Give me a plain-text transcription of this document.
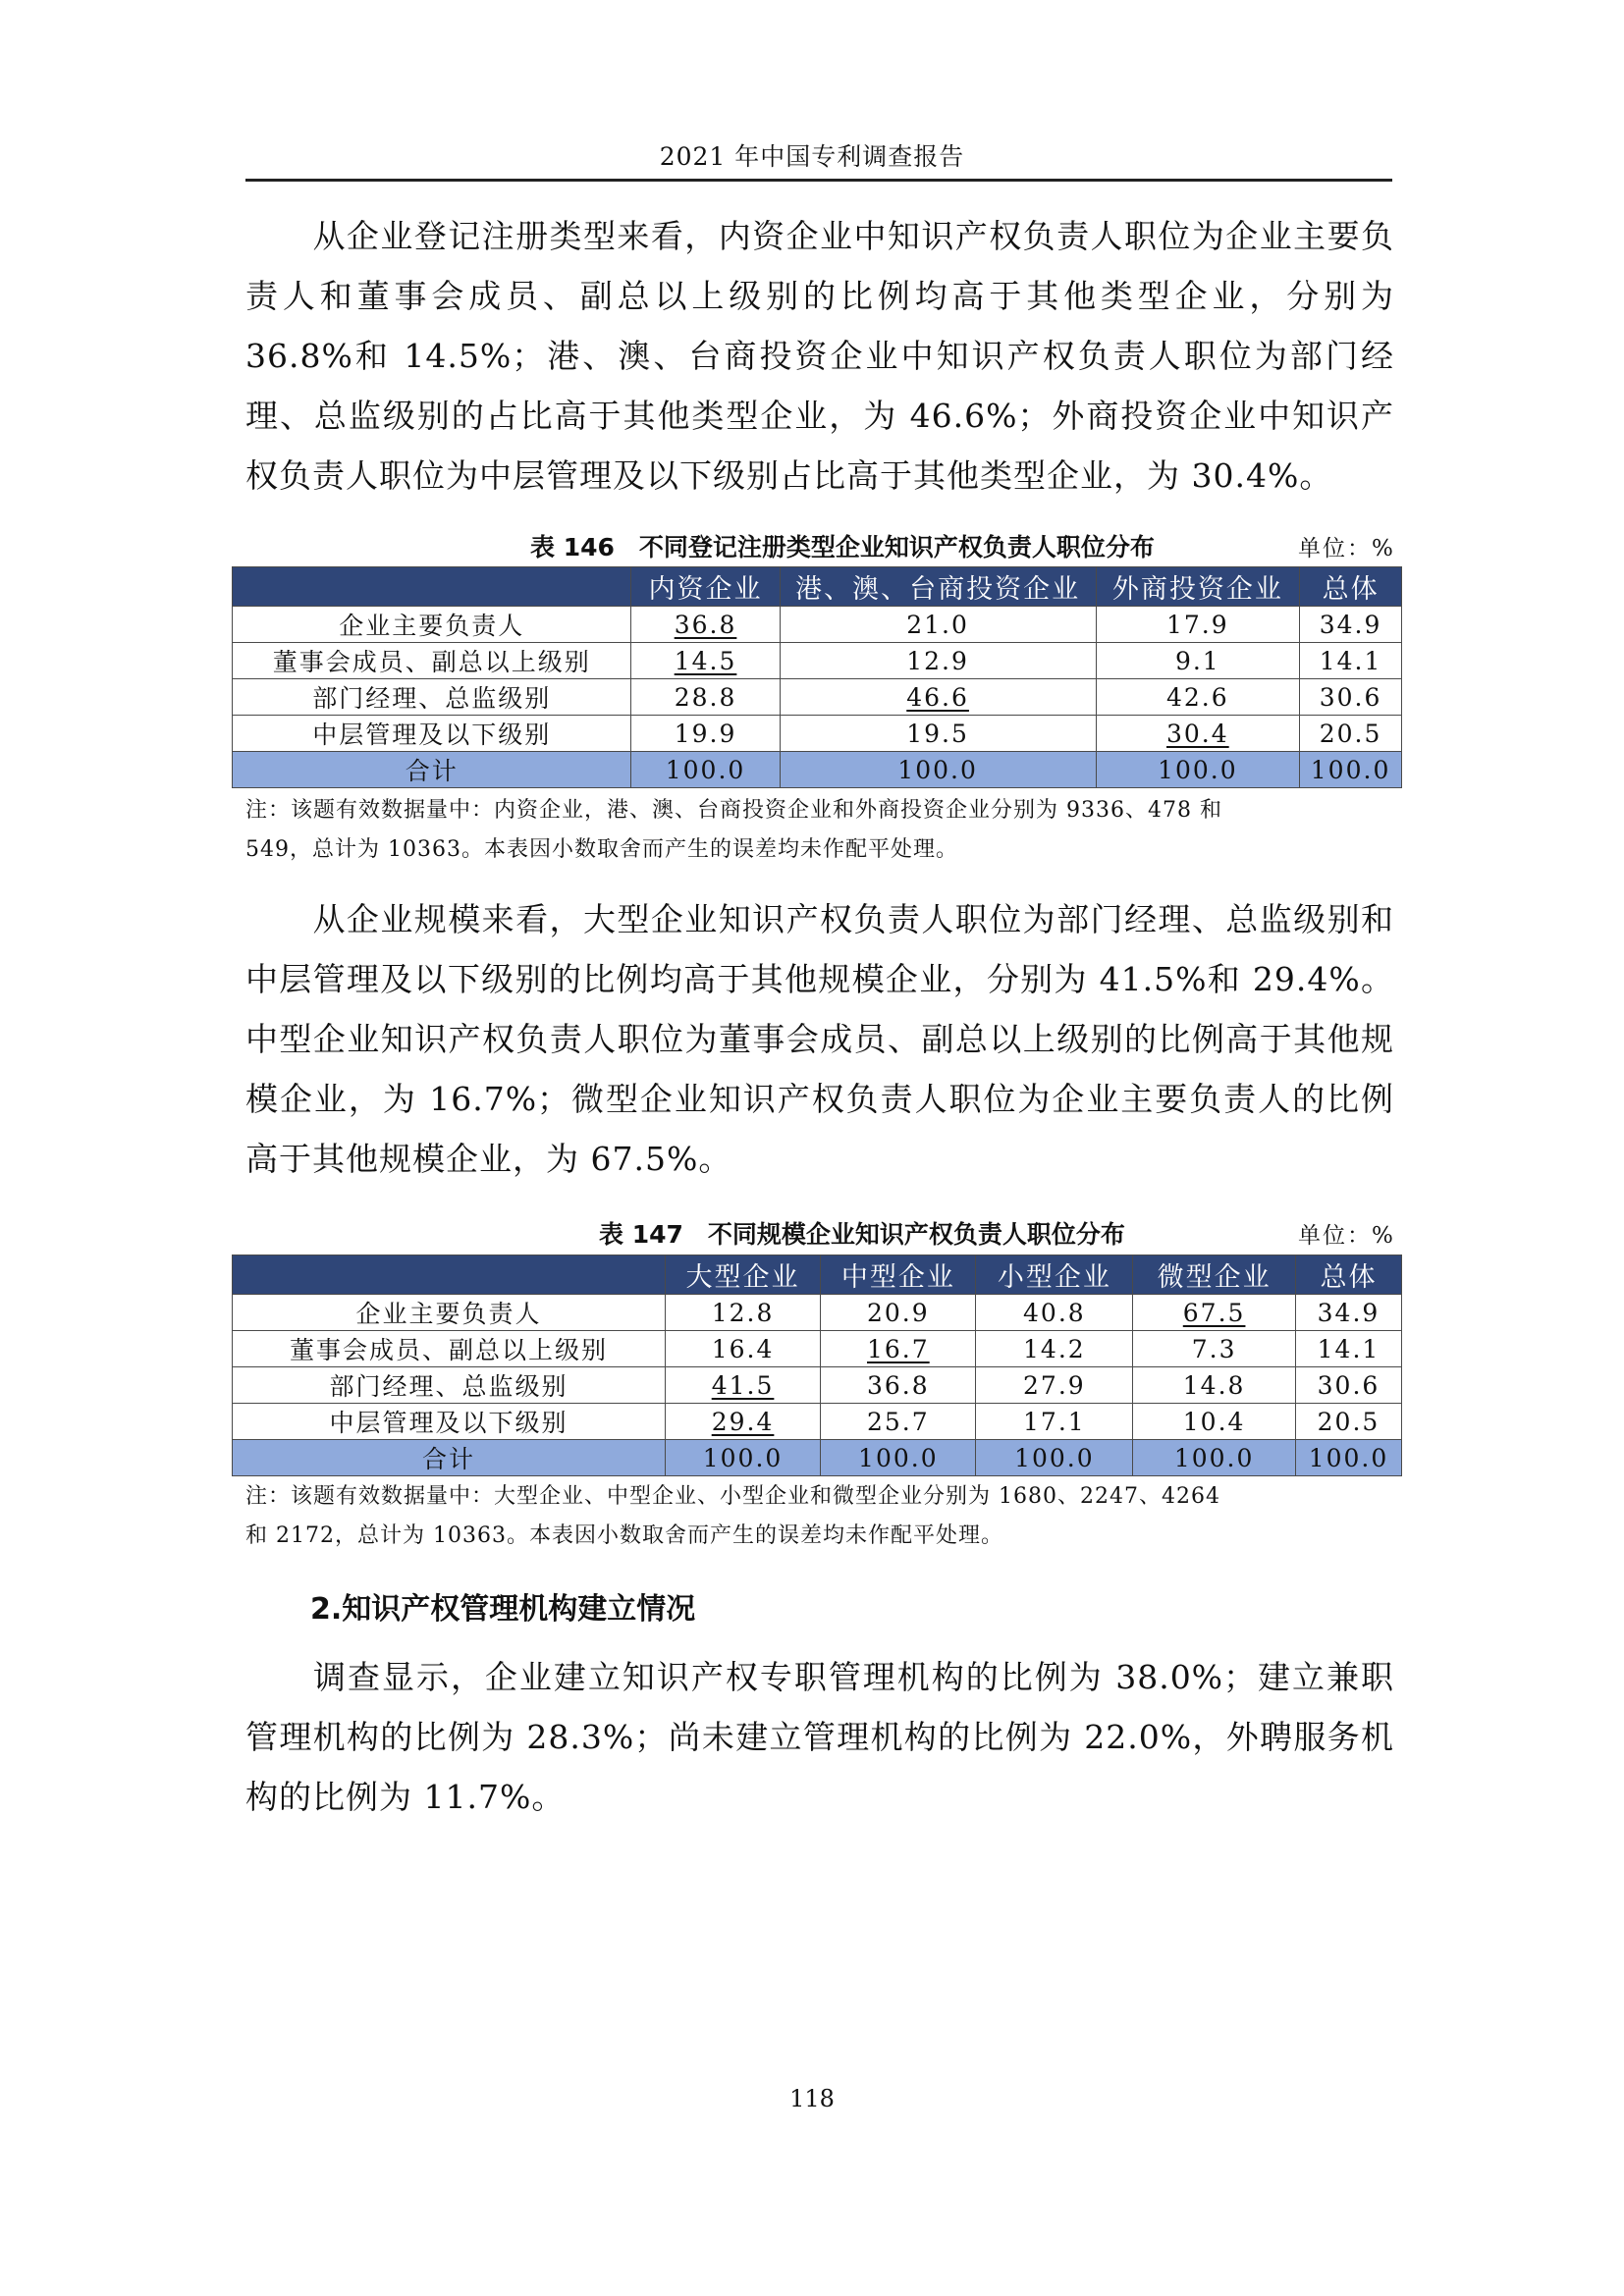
2021 年中国专利调查报告

从企业登记注册类型来看，内资企业中知识产权负责人职位为企业主要负责人和董事会成员、副总以上级别的比例均高于其他类型企业，分别为 36.8%和 14.5%；港、澳、台商投资企业中知识产权负责人职位为部门经理、总监级别的占比高于其他类型企业，为 46.6%；外商投资企业中知识产权负责人职位为中层管理及以下级别占比高于其他类型企业，为 30.4%。

表 146　不同登记注册类型企业知识产权负责人职位分布	单位：%
	内资企业	港、澳、台商投资企业	外商投资企业	总体
企业主要负责人	36.8	21.0	17.9	34.9
董事会成员、副总以上级别	14.5	12.9	9.1	14.1
部门经理、总监级别	28.8	46.6	42.6	30.6
中层管理及以下级别	19.9	19.5	30.4	20.5
合计	100.0	100.0	100.0	100.0
注：该题有效数据量中：内资企业，港、澳、台商投资企业和外商投资企业分别为 9336、478 和
549，总计为 10363。本表因小数取舍而产生的误差均未作配平处理。

从企业规模来看，大型企业知识产权负责人职位为部门经理、总监级别和中层管理及以下级别的比例均高于其他规模企业，分别为 41.5%和 29.4%。中型企业知识产权负责人职位为董事会成员、副总以上级别的比例高于其他规模企业，为 16.7%；微型企业知识产权负责人职位为企业主要负责人的比例高于其他规模企业，为 67.5%。

表 147　不同规模企业知识产权负责人职位分布	单位：%
	大型企业	中型企业	小型企业	微型企业	总体
企业主要负责人	12.8	20.9	40.8	67.5	34.9
董事会成员、副总以上级别	16.4	16.7	14.2	7.3	14.1
部门经理、总监级别	41.5	36.8	27.9	14.8	30.6
中层管理及以下级别	29.4	25.7	17.1	10.4	20.5
合计	100.0	100.0	100.0	100.0	100.0
注：该题有效数据量中：大型企业、中型企业、小型企业和微型企业分别为 1680、2247、4264
和 2172，总计为 10363。本表因小数取舍而产生的误差均未作配平处理。
2.知识产权管理机构建立情况

调查显示，企业建立知识产权专职管理机构的比例为 38.0%；建立兼职管理机构的比例为 28.3%；尚未建立管理机构的比例为 22.0%，外聘服务机构的比例为 11.7%。

118
